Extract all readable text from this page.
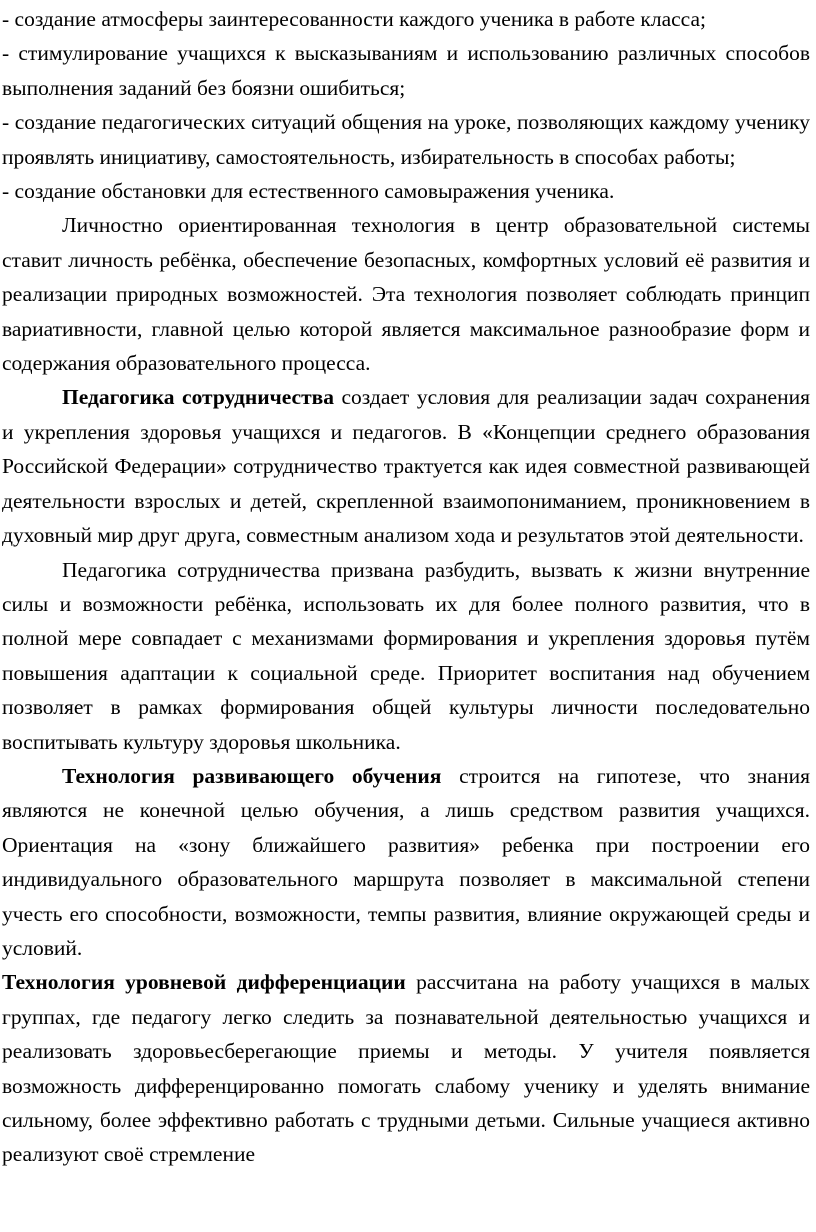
- создание атмосферы заинтересованности каждого ученика в работе класса;

- стимулирование учащихся к высказываниям и использованию различных способов выполнения заданий без боязни ошибиться;

- создание педагогических ситуаций общения на уроке, позволяющих каждому ученику проявлять инициативу, самостоятельность, избирательность в способах работы;

- создание обстановки для естественного самовыражения ученика.

Личностно ориентированная технология в центр образовательной системы ставит личность ребёнка, обеспечение безопасных, комфортных условий её развития и реализации природных возможностей. Эта технология позволяет соблюдать принцип вариативности, главной целью которой является максимальное разнообразие форм и содержания образовательного процесса.

Педагогика сотрудничества создает условия для реализации задач сохранения и укрепления здоровья учащихся и педагогов. В «Концепции среднего образования Российской Федерации» сотрудничество трактуется как идея совместной развивающей деятельности взрослых и детей, скрепленной взаимопониманием, проникновением в духовный мир друг друга, совместным анализом хода и результатов этой деятельности.

Педагогика сотрудничества призвана разбудить, вызвать к жизни внутренние силы и возможности ребёнка, использовать их для более полного развития, что в полной мере совпадает с механизмами формирования и укрепления здоровья путём повышения адаптации к социальной среде. Приоритет воспитания над обучением позволяет в рамках формирования общей культуры личности последовательно воспитывать культуру здоровья школьника.

Технология развивающего обучения строится на гипотезе, что знания являются не конечной целью обучения, а лишь средством развития учащихся. Ориентация на «зону ближайшего развития» ребенка при построении его индивидуального образовательного маршрута позволяет в максимальной степени учесть его способности, возможности, темпы развития, влияние окружающей среды и условий.

Технология уровневой дифференциации рассчитана на работу учащихся в малых группах, где педагогу легко следить за познавательной деятельностью учащихся и реализовать здоровьесберегающие приемы и методы. У учителя появляется возможность дифференцированно помогать слабому ученику и уделять внимание сильному, более эффективно работать с трудными детьми. Сильные учащиеся активно реализуют своё стремление
